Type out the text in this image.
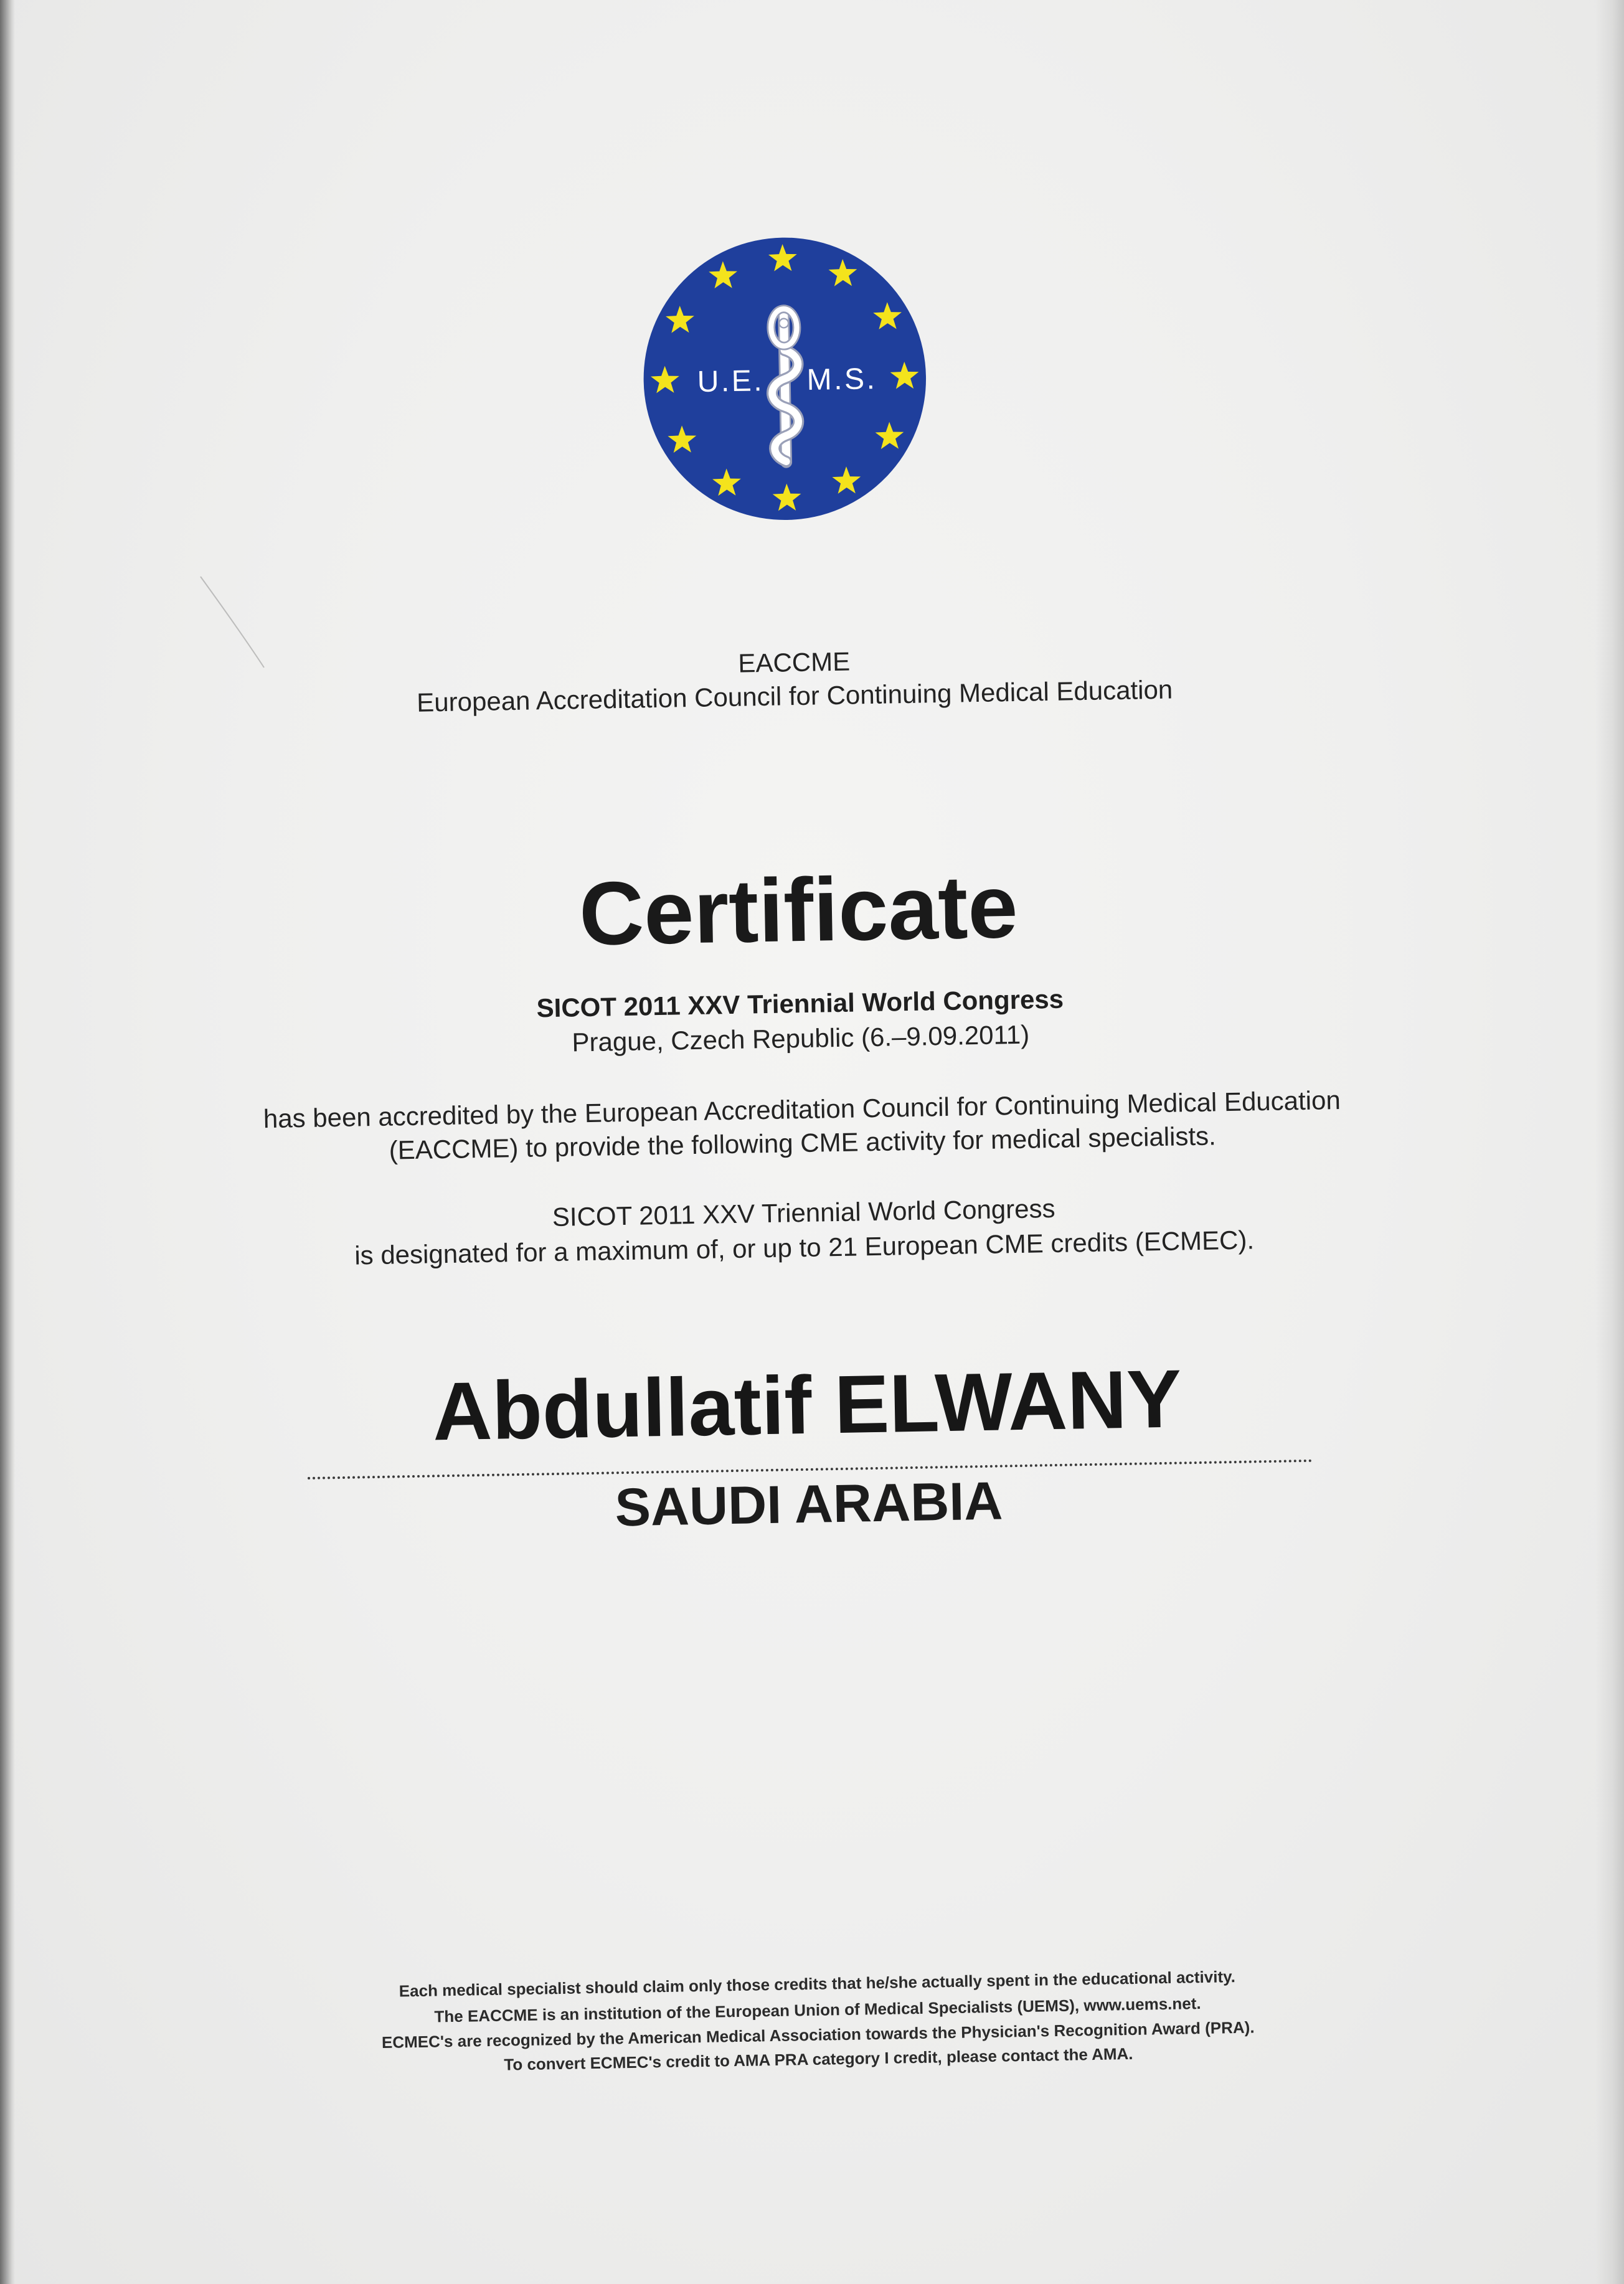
U.E.	M.S.
EACCME
European Accreditation Council for Continuing Medical Education
Certificate
SICOT 2011 XXV Triennial World Congress
Prague, Czech Republic (6.–9.09.2011)
has been accredited by the European Accreditation Council for Continuing Medical Education
(EACCME) to provide the following CME activity for medical specialists.
SICOT 2011 XXV Triennial World Congress
is designated for a maximum of, or up to 21 European CME credits (ECMEC).
Abdullatif ELWANY
SAUDI ARABIA
Each medical specialist should claim only those credits that he/she actually spent in the educational activity.
The EACCME is an institution of the European Union of Medical Specialists (UEMS), www.uems.net.
ECMEC's are recognized by the American Medical Association towards the Physician's Recognition Award (PRA).
To convert ECMEC's credit to AMA PRA category I credit, please contact the AMA.
